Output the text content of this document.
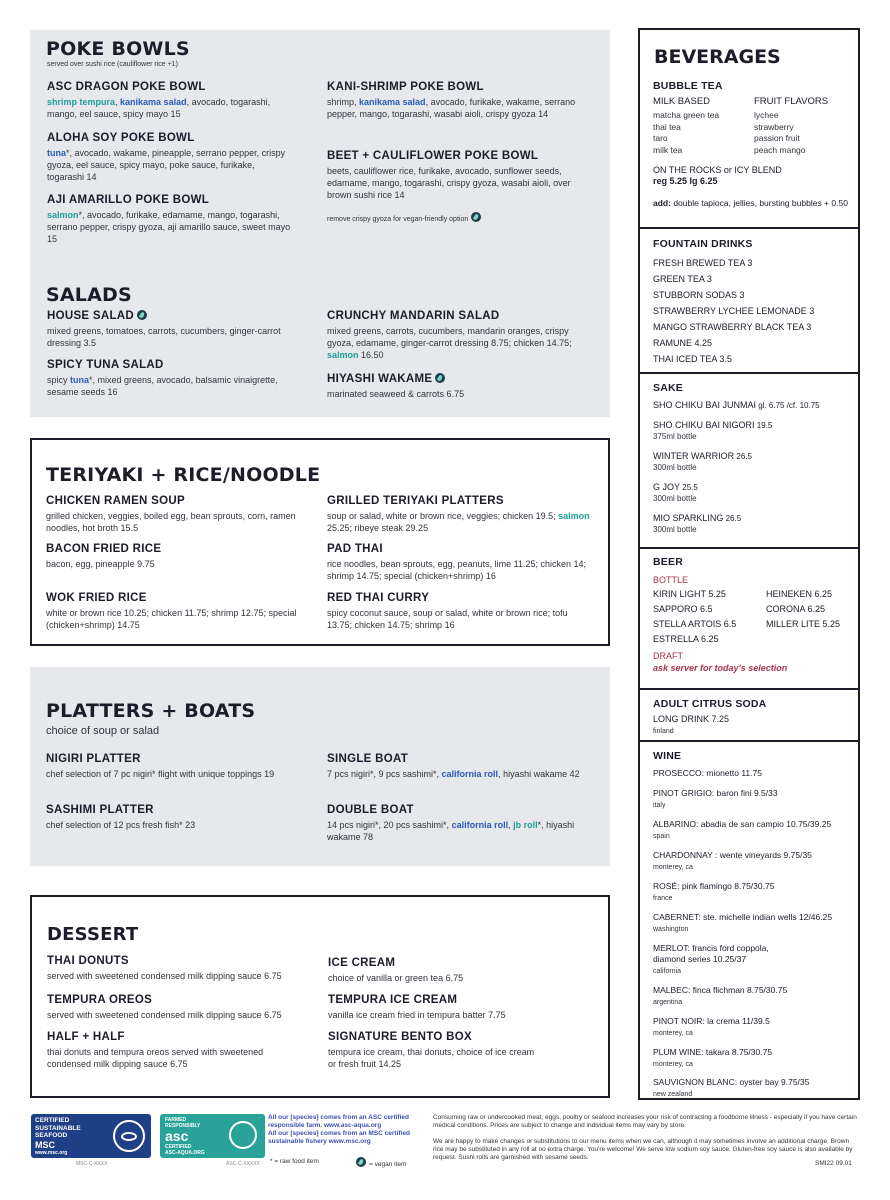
POKE BOWLS
served over sushi rice (cauliflower rice +1)
ASC DRAGON POKE BOWL
shrimp tempura, kanikama salad, avocado, togarashi, mango, eel sauce, spicy mayo 15
ALOHA SOY POKE BOWL
tuna*, avocado, wakame, pineapple, serrano pepper, crispy gyoza, eel sauce, spicy mayo, poke sauce, furikake, togarashi 14
AJI AMARILLO POKE BOWL
salmon*, avocado, furikake, edamame, mango, togarashi, serrano pepper, crispy gyoza, aji amarillo sauce, sweet mayo 15
KANI-SHRIMP POKE BOWL
shrimp, kanikama salad, avocado, furikake, wakame, serrano pepper, mango, togarashi, wasabi aioli, crispy gyoza 14
BEET + CAULIFLOWER POKE BOWL
beets, cauliflower rice, furikake, avocado, sunflower seeds, edamame, mango, togarashi, crispy gyoza, wasabi aioli, over brown sushi rice 14
remove crispy gyoza for vegan-friendly option
SALADS
HOUSE SALAD
mixed greens, tomatoes, carrots, cucumbers, ginger-carrot dressing 3.5
SPICY TUNA SALAD
spicy tuna*, mixed greens, avocado, balsamic vinaigrette, sesame seeds 16
CRUNCHY MANDARIN SALAD
mixed greens, carrots, cucumbers, mandarin oranges, crispy gyoza, edamame, ginger-carrot dressing 8.75; chicken 14.75; salmon 16.50
HIYASHI WAKAME
marinated seaweed & carrots 6.75
TERIYAKI + RICE/NOODLE
CHICKEN RAMEN SOUP
grilled chicken, veggies, boiled egg, bean sprouts, corn, ramen noodles, hot broth 15.5
BACON FRIED RICE
bacon, egg, pineapple 9.75
WOK FRIED RICE
white or brown rice 10.25; chicken 11.75; shrimp 12.75; special (chicken+shrimp) 14.75
GRILLED TERIYAKI PLATTERS
soup or salad, white or brown rice, veggies; chicken 19.5; salmon 25.25; ribeye steak 29.25
PAD THAI
rice noodles, bean sprouts, egg, peanuts, lime 11.25; chicken 14; shrimp 14.75; special (chicken+shrimp) 16
RED THAI CURRY
spicy coconut sauce, soup or salad, white or brown rice; tofu 13.75; chicken 14.75; shrimp 16
PLATTERS + BOATS
choice of soup or salad
NIGIRI PLATTER
chef selection of 7 pc nigiri* flight with unique toppings 19
SASHIMI PLATTER
chef selection of 12 pcs fresh fish* 23
SINGLE BOAT
7 pcs nigiri*, 9 pcs sashimi*, california roll, hiyashi wakame 42
DOUBLE BOAT
14 pcs nigiri*, 20 pcs sashimi*, california roll, jb roll*, hiyashi wakame 78
DESSERT
THAI DONUTS
served with sweetened condensed milk dipping sauce 6.75
TEMPURA OREOS
served with sweetened condensed milk dipping sauce 6.75
HALF + HALF
thai donuts and tempura oreos served with sweetened condensed milk dipping sauce 6.75
ICE CREAM
choice of vanilla or green tea 6.75
TEMPURA ICE CREAM
vanilla ice cream fried in tempura batter 7.75
SIGNATURE BENTO BOX
tempura ice cream, thai donuts, choice of ice cream or fresh fruit 14.25
BEVERAGES
BUBBLE TEA
MILK BASED
matcha green tea
thai tea
taro
milk tea
FRUIT FLAVORS
lychee
strawberry
passion fruit
peach mango
ON THE ROCKS or ICY BLEND
reg 5.25 lg 6.25
add: double tapioca, jellies, bursting bubbles + 0.50
FOUNTAIN DRINKS
FRESH BREWED TEA 3
GREEN TEA 3
STUBBORN SODAS 3
STRAWBERRY LYCHEE LEMONADE 3
MANGO STRAWBERRY BLACK TEA 3
RAMUNE 4.25
THAI ICED TEA 3.5
SAKE
SHO CHIKU BAI JUNMAI gl. 6.75 /cf. 10.75
SHO CHIKU BAI NIGORI 19.5
375ml bottle
WINTER WARRIOR 26.5
300ml bottle
G JOY 25.5
300ml bottle
MIO SPARKLING 26.5
300ml bottle
BEER
BOTTLE
KIRIN LIGHT 5.25
SAPPORO 6.5
STELLA ARTOIS 6.5
ESTRELLA 6.25
HEINEKEN 6.25
CORONA 6.25
MILLER LITE 5.25
DRAFT
ask server for today's selection
ADULT CITRUS SODA
LONG DRINK 7.25
finland
WINE
PROSECCO: mionetto 11.75
PINOT GRIGIO: baron fini 9.5/33
italy
ALBARINO: abadia de san campio 10.75/39.25
spain
CHARDONNAY : wente vineyards 9.75/35
monterey, ca
ROSÉ: pink flamingo 8.75/30.75
france
CABERNET: ste. michelle indian wells 12/46.25
washington
MERLOT: francis ford coppola, diamond series 10.25/37
california
MALBEC: finca flichman 8.75/30.75
argentina
PINOT NOIR: la crema 11/39.5
monterey, ca
PLUM WINE: takara 8.75/30.75
monterey, ca
SAUVIGNON BLANC: oyster bay 9.75/35
new zealand
CERTIFIED
SUSTAINABLE
SEAFOOD
MSC
www.msc.org
MSC-C-XXXX
FARMED
RESPONSIBLY
asc
CERTIFIED
ASC-AQUA.ORG
ASC-C-XXXXX
All our [species] comes from an ASC certified responsible farm. www.asc-aqua.org
All our [species] comes from an MSC certified sustainable fishery www.msc.org
* = raw food item	= vegan item
Consuming raw or undercooked meat, eggs, poultry or seafood increases your risk of contracting a foodborne illness - especially if you have certain medical conditions. Prices are subject to change and individual items may vary by store.
We are happy to make changes or substitutions to our menu items when we can, although it may sometimes involve an additional charge. Brown rice may be substituted in any roll at no extra charge. You're welcome! We serve low sodium soy sauce. Gluten-free soy sauce is also available by request. Sushi rolls are garnished with sesame seeds.
SMI22 09.01
